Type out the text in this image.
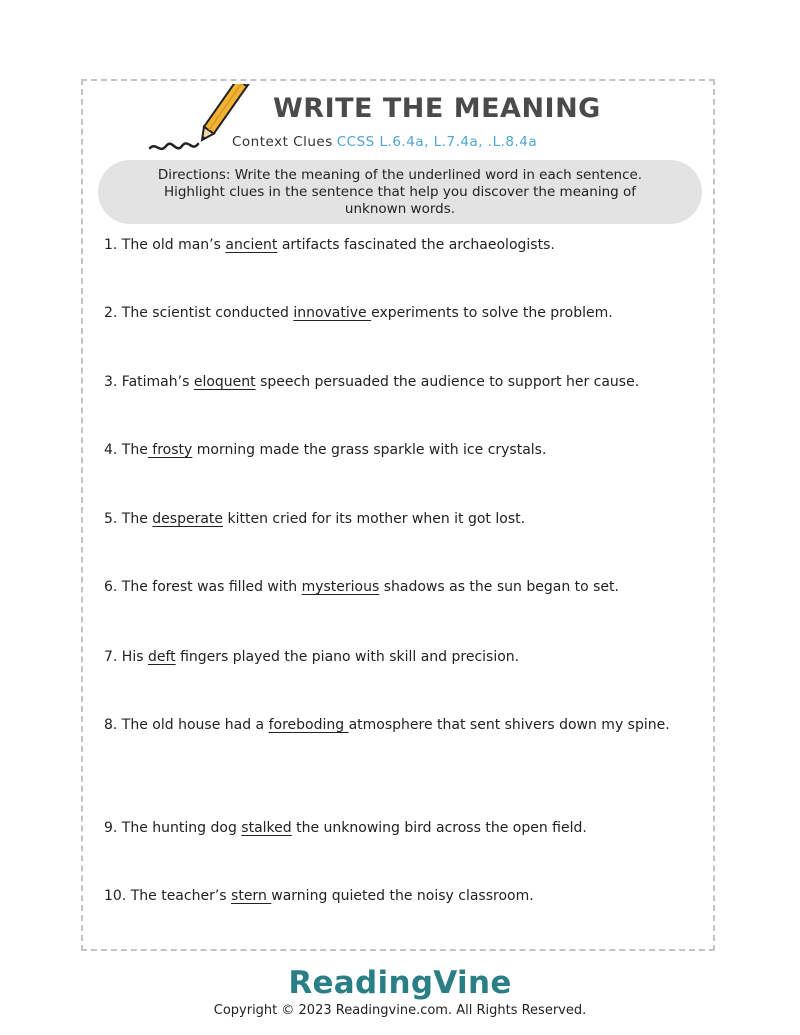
WRITE THE MEANING
Context Clues CCSS L.6.4a, L.7.4a, .L.8.4a
Directions: Write the meaning of the underlined word in each sentence.
Highlight clues in the sentence that help you discover the meaning of
unknown words.
1. The old man’s ancient artifacts fascinated the archaeologists.
2. The scientist conducted innovative experiments to solve the problem.
3. Fatimah’s eloquent speech persuaded the audience to support her cause.
4. The frosty morning made the grass sparkle with ice crystals.
5. The desperate kitten cried for its mother when it got lost.
6. The forest was filled with mysterious shadows as the sun began to set.
7. His deft fingers played the piano with skill and precision.
8. The old house had a foreboding atmosphere that sent shivers down my spine.
9. The hunting dog stalked the unknowing bird across the open field.
10. The teacher’s stern warning quieted the noisy classroom.
ReadingVine
Copyright © 2023 Readingvine.com. All Rights Reserved.
